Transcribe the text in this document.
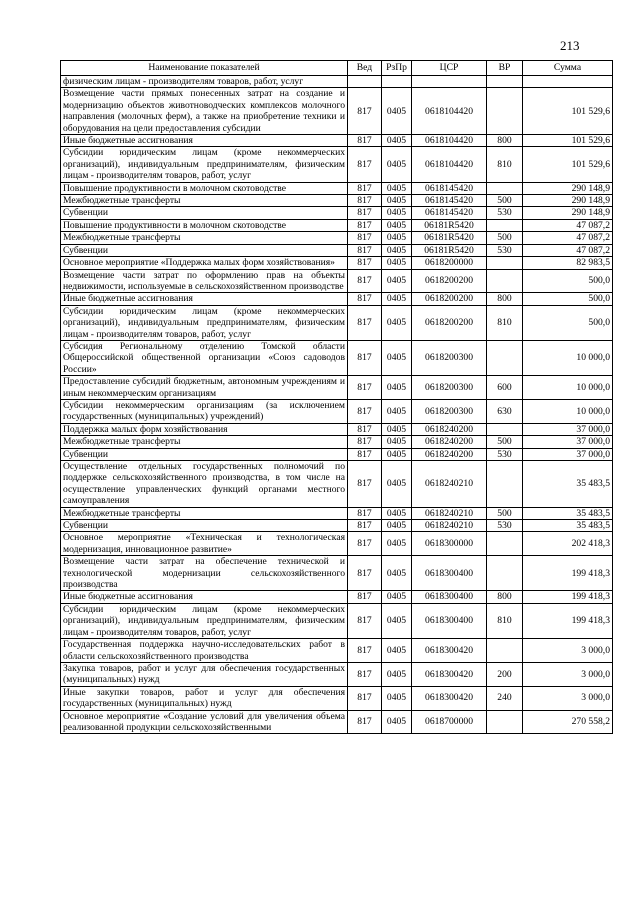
213
Наименование показателей	Вед	РзПр	ЦСР	ВР	Сумма
физическим лицам - производителям товаров, работ, услуг					
Возмещение части прямых понесенных затрат на создание и модернизацию объектов животноводческих комплексов молочного направления (молочных ферм), а также на приобретение техники и оборудования на цели предоставления субсидии	817	0405	0618104420		101 529,6
Иные бюджетные ассигнования	817	0405	0618104420	800	101 529,6
Субсидии юридическим лицам (кроме некоммерческих организаций), индивидуальным предпринимателям, физическим лицам - производителям товаров, работ, услуг	817	0405	0618104420	810	101 529,6
Повышение продуктивности в молочном скотоводстве	817	0405	0618145420		290 148,9
Межбюджетные трансферты	817	0405	0618145420	500	290 148,9
Субвенции	817	0405	0618145420	530	290 148,9
Повышение продуктивности в молочном скотоводстве	817	0405	06181R5420		47 087,2
Межбюджетные трансферты	817	0405	06181R5420	500	47 087,2
Субвенции	817	0405	06181R5420	530	47 087,2
Основное мероприятие «Поддержка малых форм хозяйствования»	817	0405	0618200000		82 983,5
Возмещение части затрат по оформлению прав на объекты недвижимости, используемые в сельскохозяйственном производстве	817	0405	0618200200		500,0
Иные бюджетные ассигнования	817	0405	0618200200	800	500,0
Субсидии юридическим лицам (кроме некоммерческих организаций), индивидуальным предпринимателям, физическим лицам - производителям товаров, работ, услуг	817	0405	0618200200	810	500,0
Субсидия Региональному отделению Томской области Общероссийской общественной организации «Союз садоводов России»	817	0405	0618200300		10 000,0
Предоставление субсидий бюджетным, автономным учреждениям и иным некоммерческим организациям	817	0405	0618200300	600	10 000,0
Субсидии некоммерческим организациям (за исключением государственных (муниципальных) учреждений)	817	0405	0618200300	630	10 000,0
Поддержка малых форм хозяйствования	817	0405	0618240200		37 000,0
Межбюджетные трансферты	817	0405	0618240200	500	37 000,0
Субвенции	817	0405	0618240200	530	37 000,0
Осуществление отдельных государственных полномочий по поддержке сельскохозяйственного производства, в том числе на осуществление управленческих функций органами местного самоуправления	817	0405	0618240210		35 483,5
Межбюджетные трансферты	817	0405	0618240210	500	35 483,5
Субвенции	817	0405	0618240210	530	35 483,5
Основное мероприятие «Техническая и технологическая модернизация, инновационное развитие»	817	0405	0618300000		202 418,3
Возмещение части затрат на обеспечение технической и технологической модернизации сельскохозяйственного производства	817	0405	0618300400		199 418,3
Иные бюджетные ассигнования	817	0405	0618300400	800	199 418,3
Субсидии юридическим лицам (кроме некоммерческих организаций), индивидуальным предпринимателям, физическим лицам - производителям товаров, работ, услуг	817	0405	0618300400	810	199 418,3
Государственная поддержка научно-исследовательских работ в области сельскохозяйственного производства	817	0405	0618300420		3 000,0
Закупка товаров, работ и услуг для обеспечения государственных (муниципальных) нужд	817	0405	0618300420	200	3 000,0
Иные закупки товаров, работ и услуг для обеспечения государственных (муниципальных) нужд	817	0405	0618300420	240	3 000,0
Основное мероприятие «Создание условий для увеличения объема реализованной продукции сельскохозяйственными	817	0405	0618700000		270 558,2
